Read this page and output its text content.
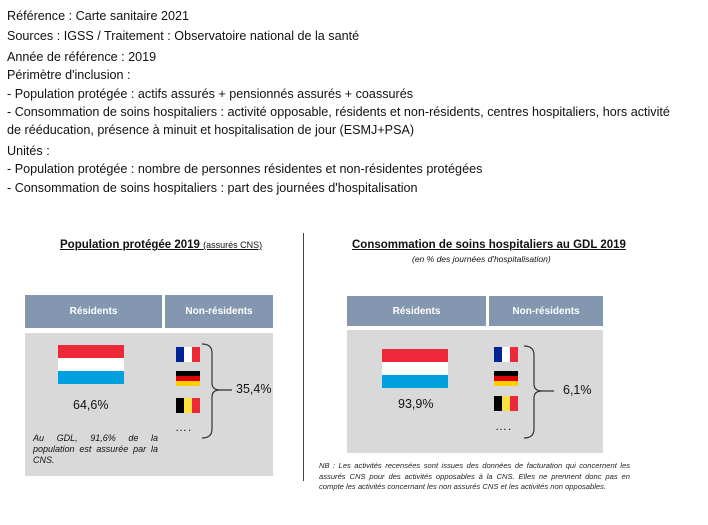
Référence : Carte sanitaire 2021
Sources : IGSS / Traitement : Observatoire national de la santé
Année de référence : 2019
Périmètre d'inclusion :
- Population protégée : actifs assurés + pensionnés assurés + coassurés
- Consommation de soins hospitaliers : activité opposable, résidents et non-résidents, centres hospitaliers, hors activité
de rééducation, présence à minuit et hospitalisation de jour (ESMJ+PSA)
Unités :
- Population protégée : nombre de personnes résidentes et non-résidentes protégées
- Consommation de soins hospitaliers : part des journées d'hospitalisation
Population protégée 2019 (assurés CNS)
Résidents	Non-résidents
64,6%
….
35,4%
Au GDL, 91,6% de la population est assurée par la CNS.
Consommation de soins hospitaliers au GDL 2019
(en % des journées d'hospitalisation)
Résidents	Non-résidents
93,9%
….
6,1%
NB : Les activités recensées sont issues des données de facturation qui concernent les assurés CNS pour des activités opposables à la CNS. Elles ne prennent donc pas en compte les activités concernant les non assurés CNS et les activités non opposables.
